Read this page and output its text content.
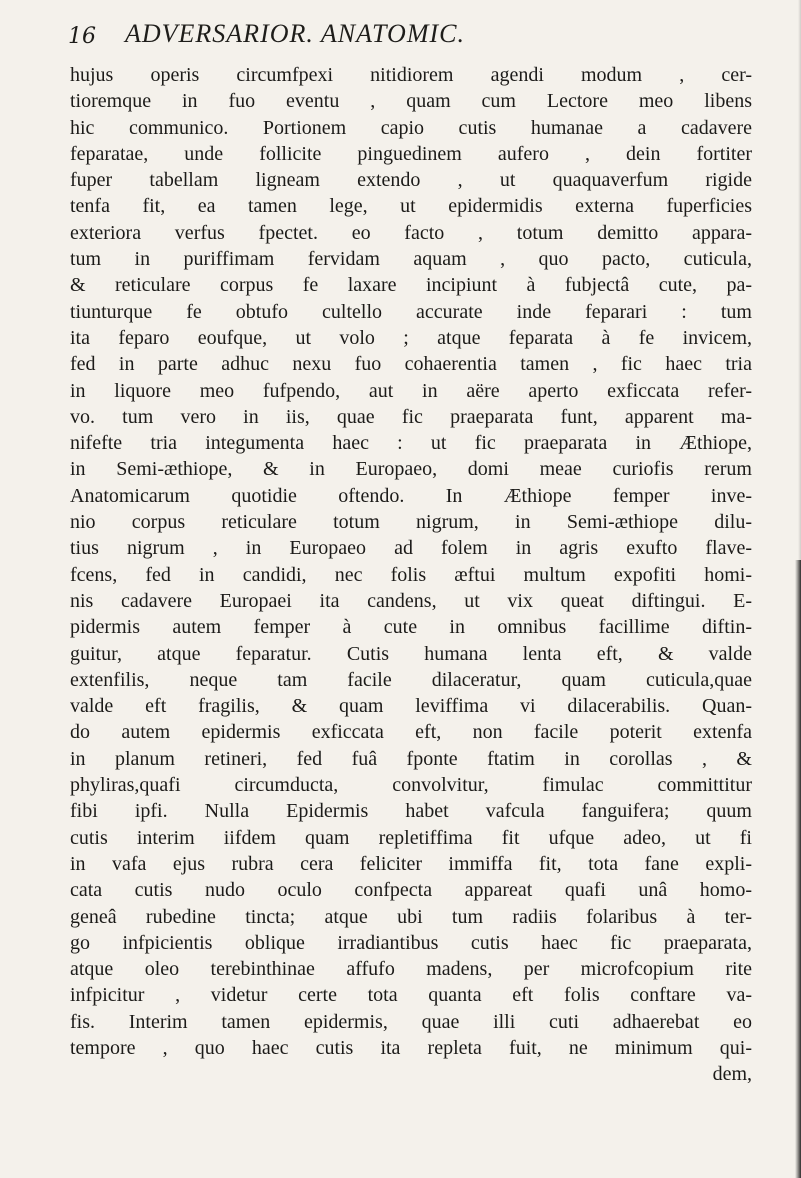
16 ADVERSARIOR. ANATOMIC.
hujus operis circumfpexi nitidiorem agendi modum , cer-
tioremque in fuo eventu , quam cum Lectore meo libens
hic communico. Portionem capio cutis humanae a cadavere
feparatae, unde follicite pinguedinem aufero , dein fortiter
fuper tabellam ligneam extendo , ut quaquaverfum rigide
tenfa fit, ea tamen lege, ut epidermidis externa fuperficies
exteriora verfus fpectet. eo facto , totum demitto appara-
tum in puriffimam fervidam aquam , quo pacto, cuticula,
& reticulare corpus fe laxare incipiunt à fubjectâ cute, pa-
tiunturque fe obtufo cultello accurate inde feparari : tum
ita feparo eoufque, ut volo ; atque feparata à fe invicem,
fed in parte adhuc nexu fuo cohaerentia tamen , fic haec tria
in liquore meo fufpendo, aut in aëre aperto exficcata refer-
vo. tum vero in iis, quae fic praeparata funt, apparent ma-
nifefte tria integumenta haec : ut fic praeparata in Æthiope,
in Semi-æthiope, & in Europaeo, domi meae curiofis rerum
Anatomicarum quotidie oftendo. In Æthiope femper inve-
nio corpus reticulare totum nigrum, in Semi-æthiope dilu-
tius nigrum , in Europaeo ad folem in agris exufto flave-
fcens, fed in candidi, nec folis æftui multum expofiti homi-
nis cadavere Europaei ita candens, ut vix queat diftingui. E-
pidermis autem femper à cute in omnibus facillime diftin-
guitur, atque feparatur. Cutis humana lenta eft, & valde
extenfilis, neque tam facile dilaceratur, quam cuticula,quae
valde eft fragilis, & quam leviffima vi dilacerabilis. Quan-
do autem epidermis exficcata eft, non facile poterit extenfa
in planum retineri, fed fuâ fponte ftatim in corollas , &
phyliras,quafi circumducta, convolvitur, fimulac committitur
fibi ipfi. Nulla Epidermis habet vafcula fanguifera; quum
cutis interim iifdem quam repletiffima fit ufque adeo, ut fi
in vafa ejus rubra cera feliciter immiffa fit, tota fane expli-
cata cutis nudo oculo confpecta appareat quafi unâ homo-
geneâ rubedine tincta; atque ubi tum radiis folaribus à ter-
go infpicientis oblique irradiantibus cutis haec fic praeparata,
atque oleo terebinthinae affufo madens, per microfcopium rite
infpicitur , videtur certe tota quanta eft folis conftare va-
fis. Interim tamen epidermis, quae illi cuti adhaerebat eo
tempore , quo haec cutis ita repleta fuit, ne minimum qui-
dem,
